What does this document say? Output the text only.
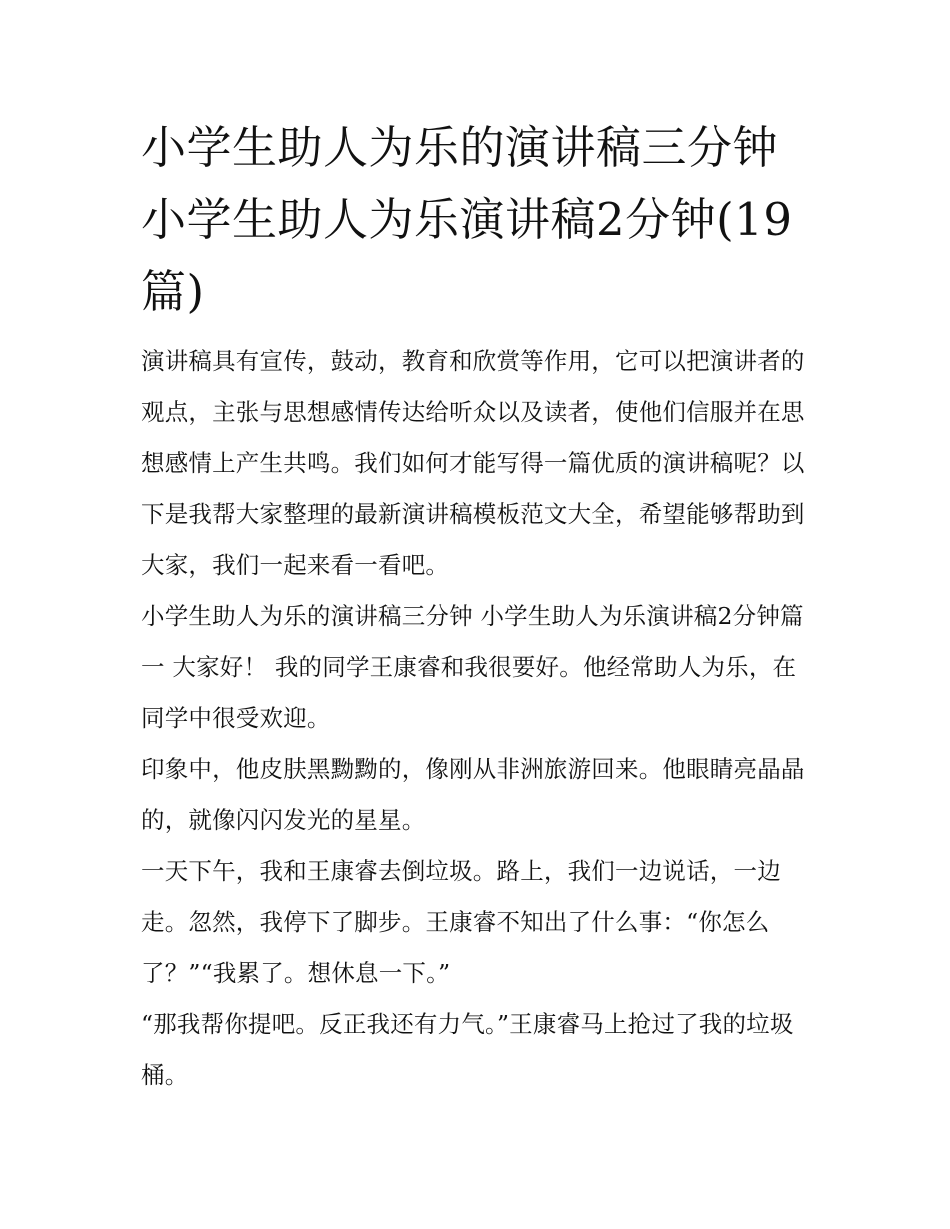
小学生助人为乐的演讲稿三分钟 小学生助人为乐演讲稿2分钟(19篇)

演讲稿具有宣传，鼓动，教育和欣赏等作用，它可以把演讲者的观点，主张与思想感情传达给听众以及读者，使他们信服并在思想感情上产生共鸣。我们如何才能写得一篇优质的演讲稿呢？以下是我帮大家整理的最新演讲稿模板范文大全，希望能够帮助到大家，我们一起来看一看吧。

小学生助人为乐的演讲稿三分钟 小学生助人为乐演讲稿2分钟篇一 大家好！ 我的同学王康睿和我很要好。他经常助人为乐，在同学中很受欢迎。

印象中，他皮肤黑黝黝的，像刚从非洲旅游回来。他眼睛亮晶晶的，就像闪闪发光的星星。

一天下午，我和王康睿去倒垃圾。路上，我们一边说话，一边走。忽然，我停下了脚步。王康睿不知出了什么事：“你怎么了？”“我累了。想休息一下。”

“那我帮你提吧。反正我还有力气。”王康睿马上抢过了我的垃圾桶。
